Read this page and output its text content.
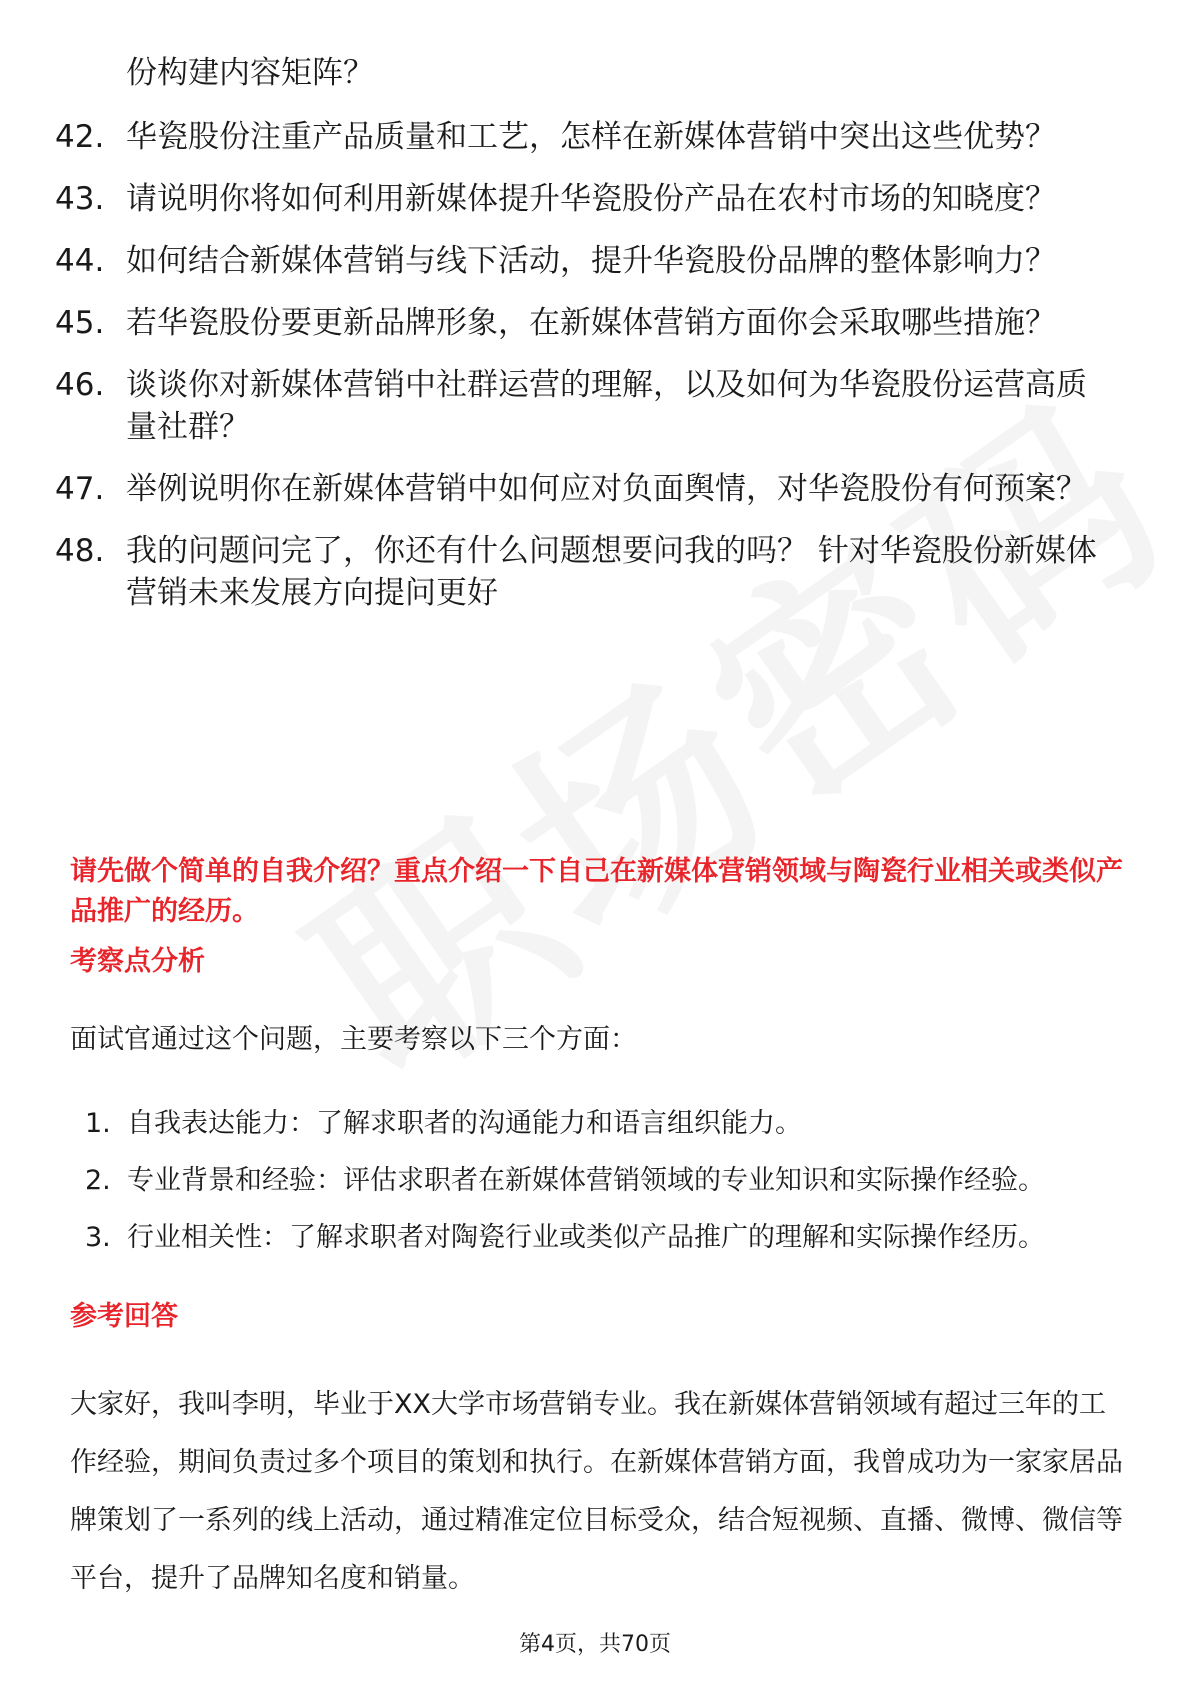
份构建内容矩阵？
42. 华瓷股份注重产品质量和工艺，怎样在新媒体营销中突出这些优势？
43. 请说明你将如何利用新媒体提升华瓷股份产品在农村市场的知晓度？
44. 如何结合新媒体营销与线下活动，提升华瓷股份品牌的整体影响力？
45. 若华瓷股份要更新品牌形象，在新媒体营销方面你会采取哪些措施？
46. 谈谈你对新媒体营销中社群运营的理解，以及如何为华瓷股份运营高质量社群？
47. 举例说明你在新媒体营销中如何应对负面舆情，对华瓷股份有何预案？
48. 我的问题问完了，你还有什么问题想要问我的吗？ 针对华瓷股份新媒体营销未来发展方向提问更好
请先做个简单的自我介绍？重点介绍一下自己在新媒体营销领域与陶瓷行业相关或类似产品推广的经历。
考察点分析
面试官通过这个问题，主要考察以下三个方面：
1. 自我表达能力：了解求职者的沟通能力和语言组织能力。
2. 专业背景和经验：评估求职者在新媒体营销领域的专业知识和实际操作经验。
3. 行业相关性：了解求职者对陶瓷行业或类似产品推广的理解和实际操作经历。
参考回答
大家好，我叫李明，毕业于XX大学市场营销专业。我在新媒体营销领域有超过三年的工作经验，期间负责过多个项目的策划和执行。在新媒体营销方面，我曾成功为一家家居品牌策划了一系列的线上活动，通过精准定位目标受众，结合短视频、直播、微博、微信等平台，提升了品牌知名度和销量。
第4页，共70页
